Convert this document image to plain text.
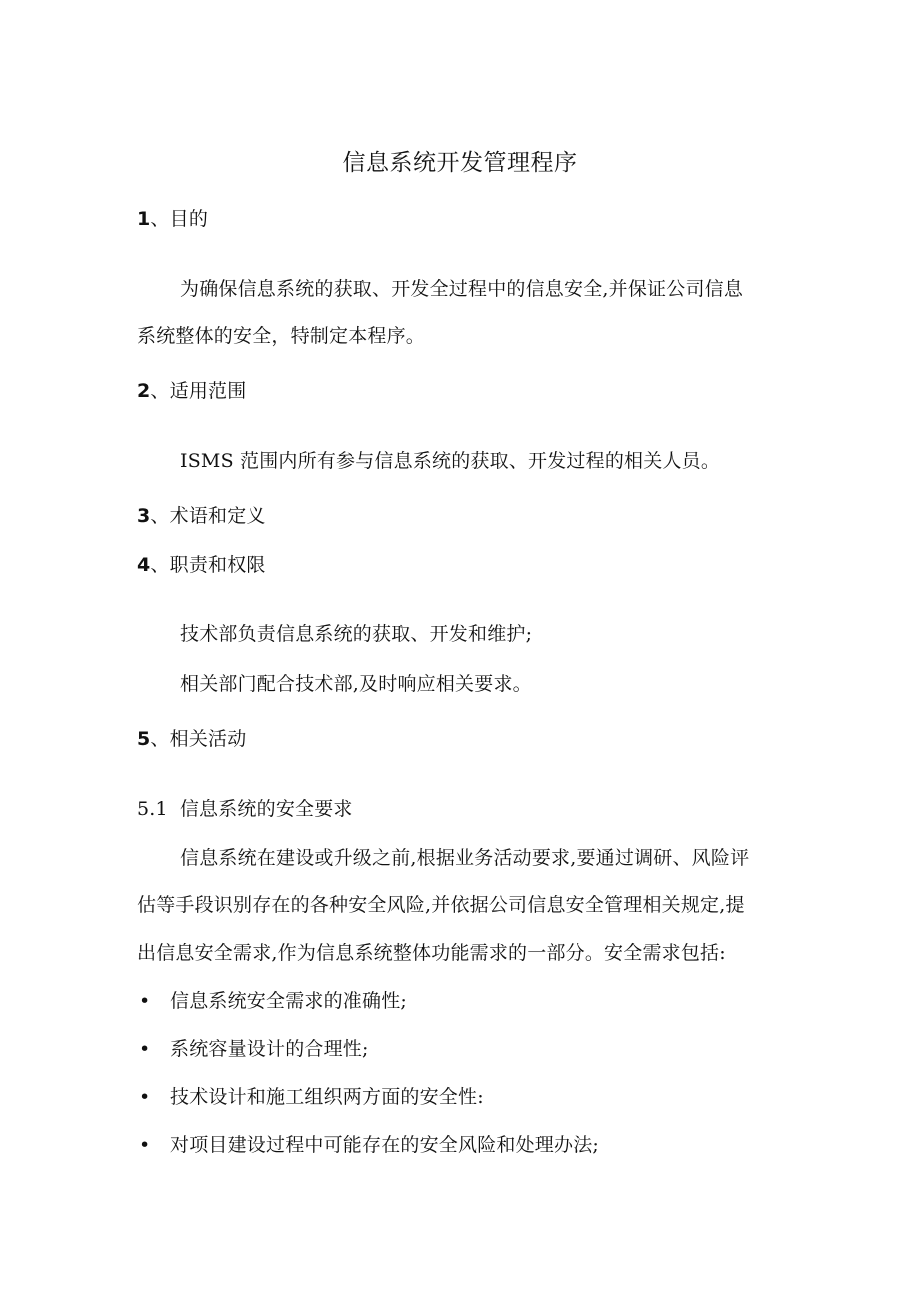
信息系统开发管理程序
1、目的
为确保信息系统的获取、开发全过程中的信息安全,并保证公司信息
系统整体的安全，特制定本程序。
2、适用范围
ISMS 范围内所有参与信息系统的获取、开发过程的相关人员。
3、术语和定义
4、职责和权限
技术部负责信息系统的获取、开发和维护;
相关部门配合技术部,及时响应相关要求。
5、相关活动
5.1 信息系统的安全要求
信息系统在建设或升级之前,根据业务活动要求,要通过调研、风险评
估等手段识别存在的各种安全风险,并依据公司信息安全管理相关规定,提
出信息安全需求,作为信息系统整体功能需求的一部分。安全需求包括:
• 信息系统安全需求的准确性;
• 系统容量设计的合理性;
• 技术设计和施工组织两方面的安全性:
• 对项目建设过程中可能存在的安全风险和处理办法;
